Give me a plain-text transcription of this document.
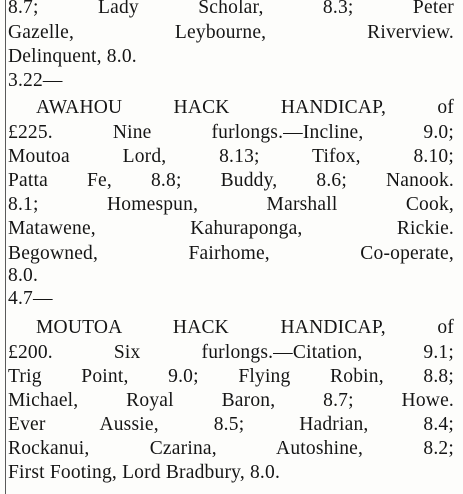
8.7; Lady Scholar, 8.3; Peter
Gazelle, Leybourne, Riverview.
Delinquent, 8.0.
3.22—
AWAHOU HACK HANDICAP, of
£225. Nine furlongs.—Incline, 9.0;
Moutoa Lord, 8.13; Tifox, 8.10;
Patta Fe, 8.8; Buddy, 8.6; Nanook.
8.1; Homespun, Marshall Cook,
Matawene, Kahuraponga, Rickie.
Begowned, Fairhome, Co-operate,
8.0.
4.7—
MOUTOA HACK HANDICAP, of
£200. Six furlongs.—Citation, 9.1;
Trig Point, 9.0; Flying Robin, 8.8;
Michael, Royal Baron, 8.7; Howe.
Ever Aussie, 8.5; Hadrian, 8.4;
Rockanui, Czarina, Autoshine, 8.2;
First Footing, Lord Bradbury, 8.0.
